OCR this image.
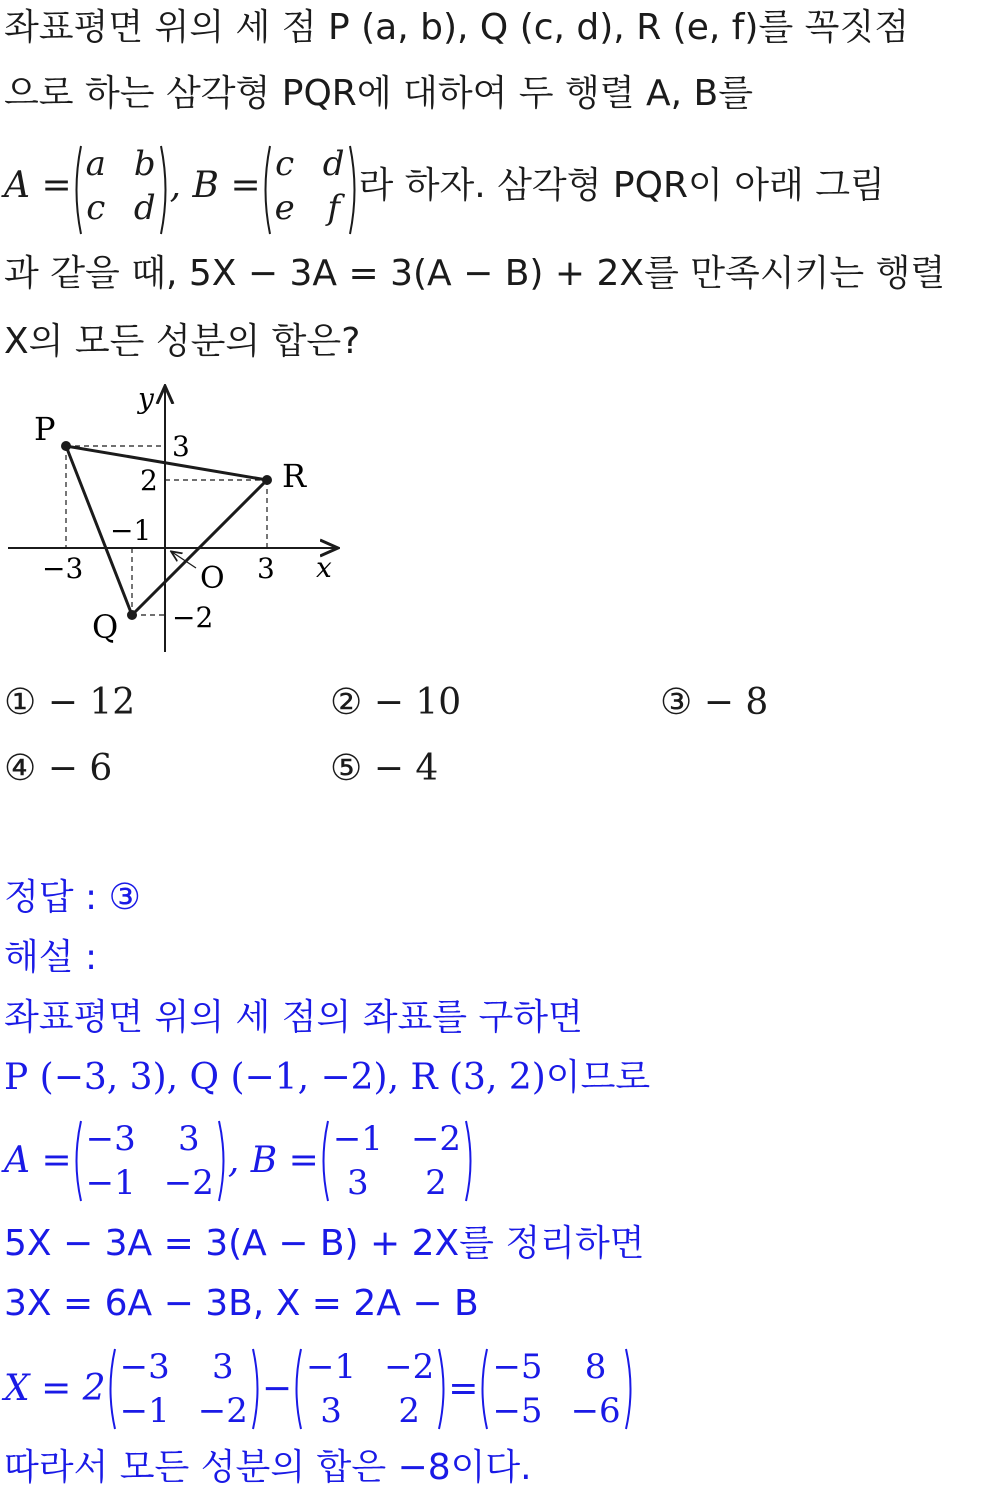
좌표평면 위의 세 점 P (a, b), Q (c, d), R (e, f)를 꼭짓점
으로 하는 삼각형 PQR에 대하여 두 행렬 A, B를
A =
a	b
c	d
, B =
c	d
e	f
라 하자. 삼각형 PQR이 아래 그림
과 같을 때, 5X − 3A = 3(A − B) + 2X를 만족시키는 행렬
X의 모든 성분의 합은?
P
Q
R
O	x
y
−3
−1
3
3
2
−2
① − 12	② − 10	③ − 8
④ − 6	⑤ − 4
정답 : ③
해설 :
좌표평면 위의 세 점의 좌표를 구하면
P (−3, 3), Q (−1, −2), R (3, 2)이므로
A =
−3	3
−1	−2
, B =
−1	−2
3	2
5X − 3A = 3(A − B) + 2X를 정리하면
3X = 6A − 3B, X = 2A − B
X = 2
−3	3
−1	−2
−
−1	−2
3	2
=
−5	8
−5	−6
따라서 모든 성분의 합은 −8이다.
